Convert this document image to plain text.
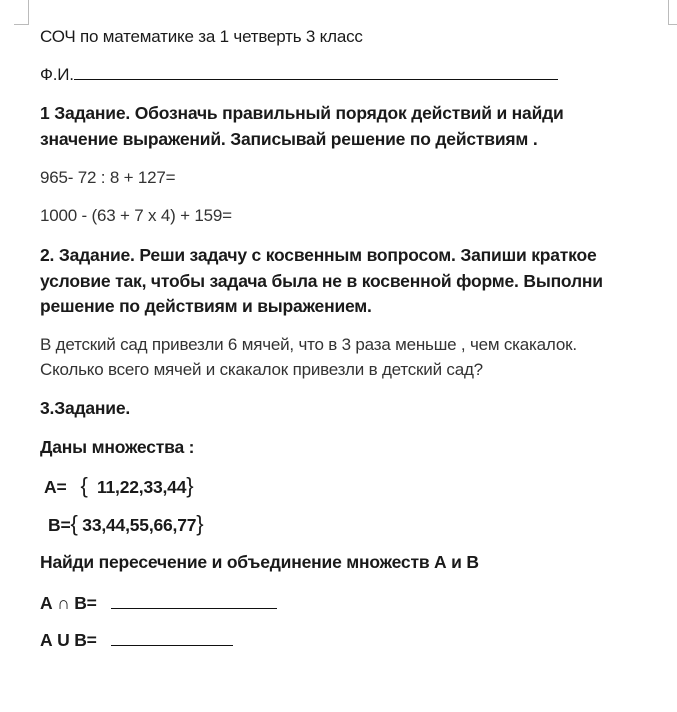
СОЧ по математике за 1 четверть 3 класс
Ф.И.
1 Задание. Обозначь правильный порядок действий и найди
значение выражений. Записывай решение по действиям .
965- 72 : 8 + 127=
1000 - (63 + 7 х 4) + 159=
2. Задание. Реши задачу с косвенным вопросом. Запиши краткое
условие так, чтобы задача была не в косвенной форме. Выполни
решение по действиям и выражением.
В детский сад привезли 6 мячей, что в 3 раза меньше , чем скакалок.
Сколько всего мячей и скакалок привезли в детский сад?
3.Задание.
Даны множества :
А= { 11,22,33,44}
В={ 33,44,55,66,77}
Найди пересечение и объединение множеств А и В
А ∩ В=
А U В=
